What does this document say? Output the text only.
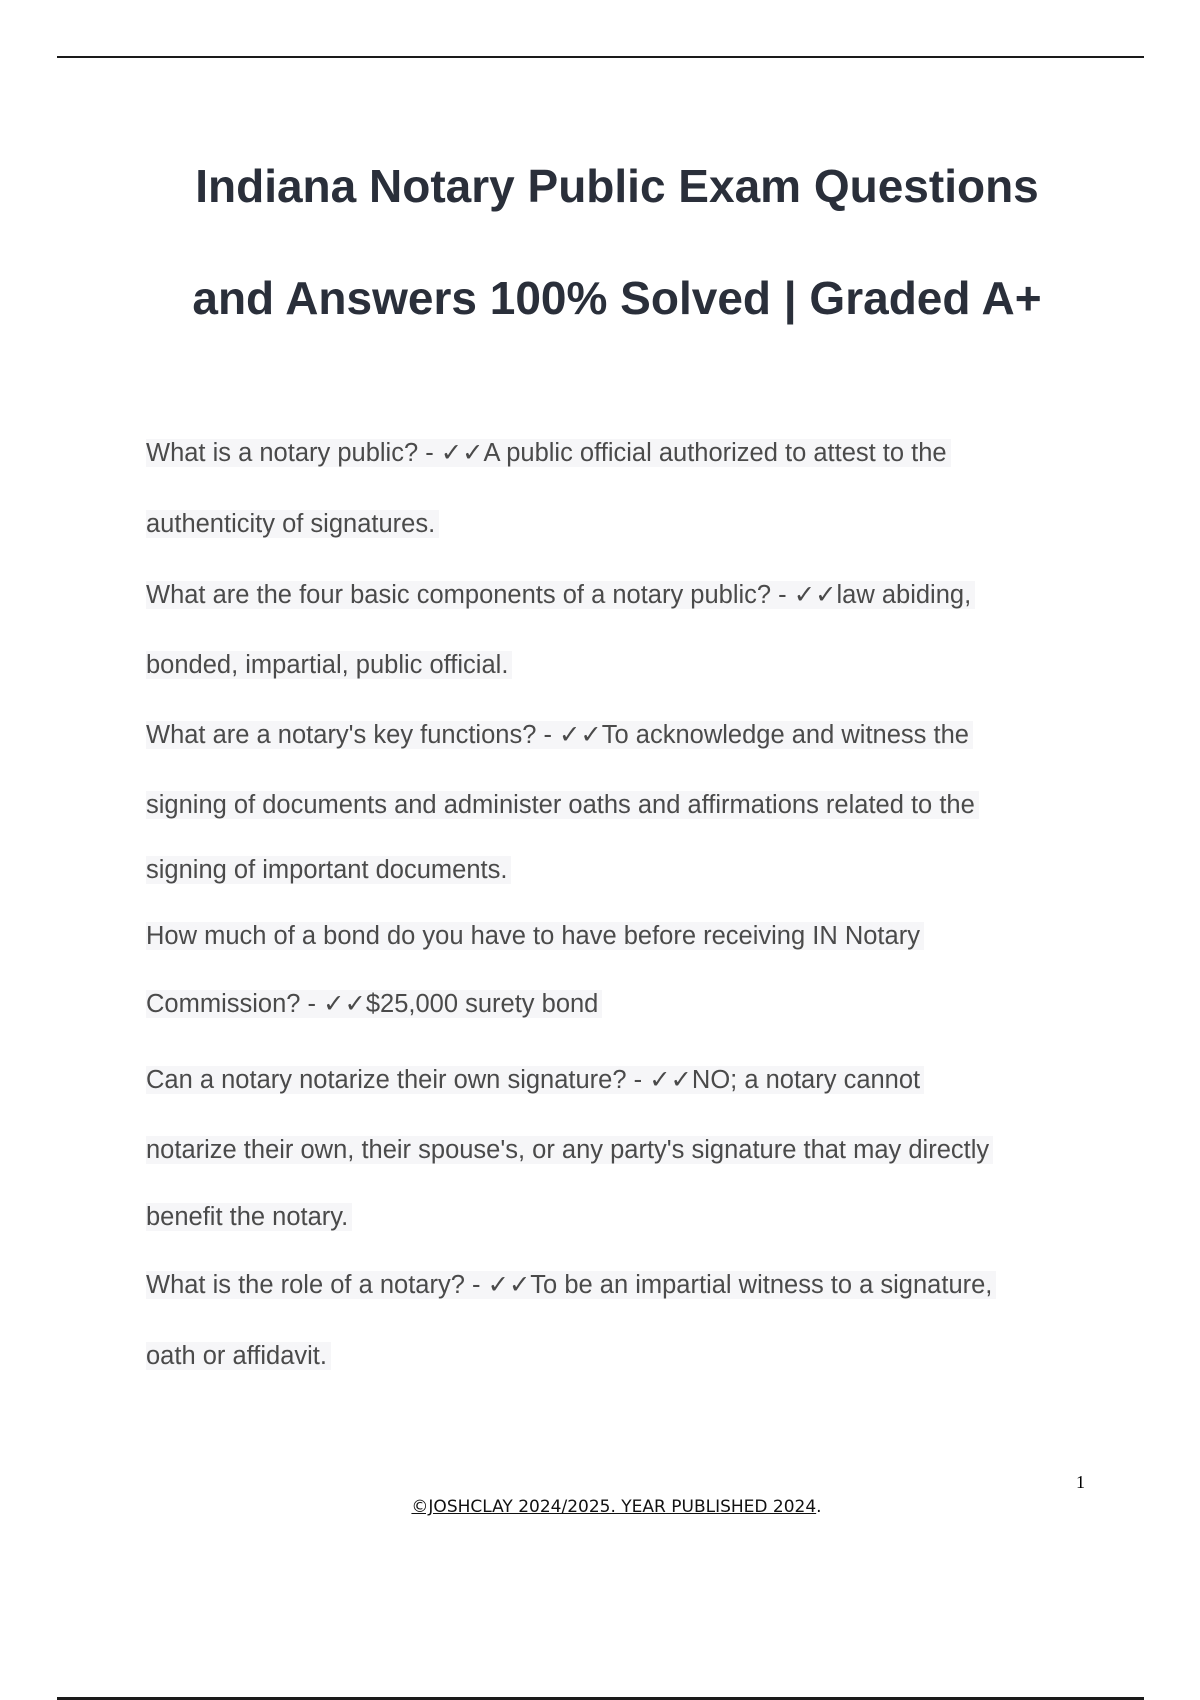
Indiana Notary Public Exam Questions
and Answers 100% Solved | Graded A+
What is a notary public? - ✓✓A public official authorized to attest to the
authenticity of signatures.
What are the four basic components of a notary public? - ✓✓law abiding,
bonded, impartial, public official.
What are a notary's key functions? - ✓✓To acknowledge and witness the
signing of documents and administer oaths and affirmations related to the
signing of important documents.
How much of a bond do you have to have before receiving IN Notary
Commission? - ✓✓$25,000 surety bond
Can a notary notarize their own signature? - ✓✓NO; a notary cannot
notarize their own, their spouse's, or any party's signature that may directly
benefit the notary.
What is the role of a notary? - ✓✓To be an impartial witness to a signature,
oath or affidavit.
1
©JOSHCLAY 2024/2025. YEAR PUBLISHED 2024.
